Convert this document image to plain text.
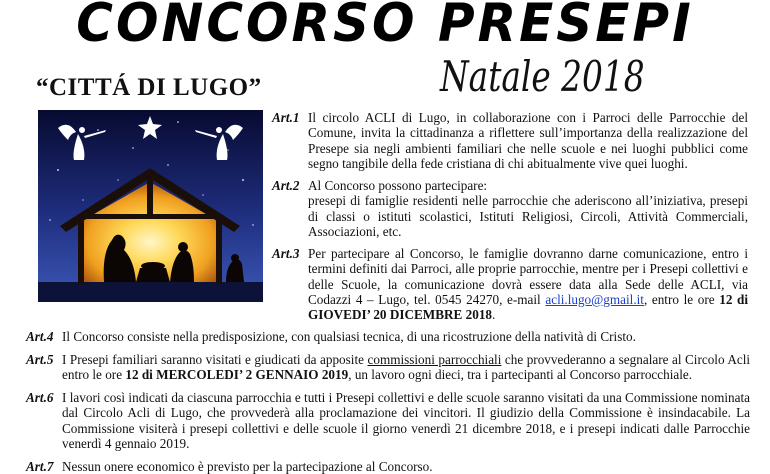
CONCORSO PRESEPI
“CITTÁ DI LUGO”	Natale 2018
Art.1 Il circolo ACLI di Lugo, in collaborazione con i Parroci delle Parrocchie del Comune, invita la cittadinanza a riflettere sull’importanza della realizzazione del Presepe sia negli ambienti familiari che nelle scuole e nei luoghi pubblici come segno tangibile della fede cristiana di chi abitualmente vive quei luoghi.
Art.2 Al Concorso possono partecipare:
presepi di famiglie residenti nelle parrocchie che aderiscono all’iniziativa, presepi di classi o istituti scolastici, Istituti Religiosi, Circoli, Attività Commerciali, Associazioni, etc.
Art.3 Per partecipare al Concorso, le famiglie dovranno darne comunicazione, entro i termini definiti dai Parroci, alle proprie parrocchie, mentre per i Presepi collettivi e delle Scuole, la comunicazione dovrà essere data alla Sede delle ACLI, via Codazzi 4 – Lugo, tel. 0545 24270, e-mail acli.lugo@gmail.it, entro le ore 12 di GIOVEDI’ 20 DICEMBRE 2018.
Art.4 Il Concorso consiste nella predisposizione, con qualsiasi tecnica, di una ricostruzione della natività di Cristo.
Art.5 I Presepi familiari saranno visitati e giudicati da apposite commissioni parrocchiali che provvederanno a segnalare al Circolo Acli entro le ore 12 di MERCOLEDI’ 2 GENNAIO 2019, un lavoro ogni dieci, tra i partecipanti al Concorso parrocchiale.
Art.6 I lavori così indicati da ciascuna parrocchia e tutti i Presepi collettivi e delle scuole saranno visitati da una Commissione nominata dal Circolo Acli di Lugo, che provvederà alla proclamazione dei vincitori. Il giudizio della Commissione è insindacabile. La Commissione visiterà i presepi collettivi e delle scuole il giorno venerdì 21 dicembre 2018, e i presepi indicati dalle Parrocchie venerdì 4 gennaio 2019.
Art.7 Nessun onere economico è previsto per la partecipazione al Concorso.
